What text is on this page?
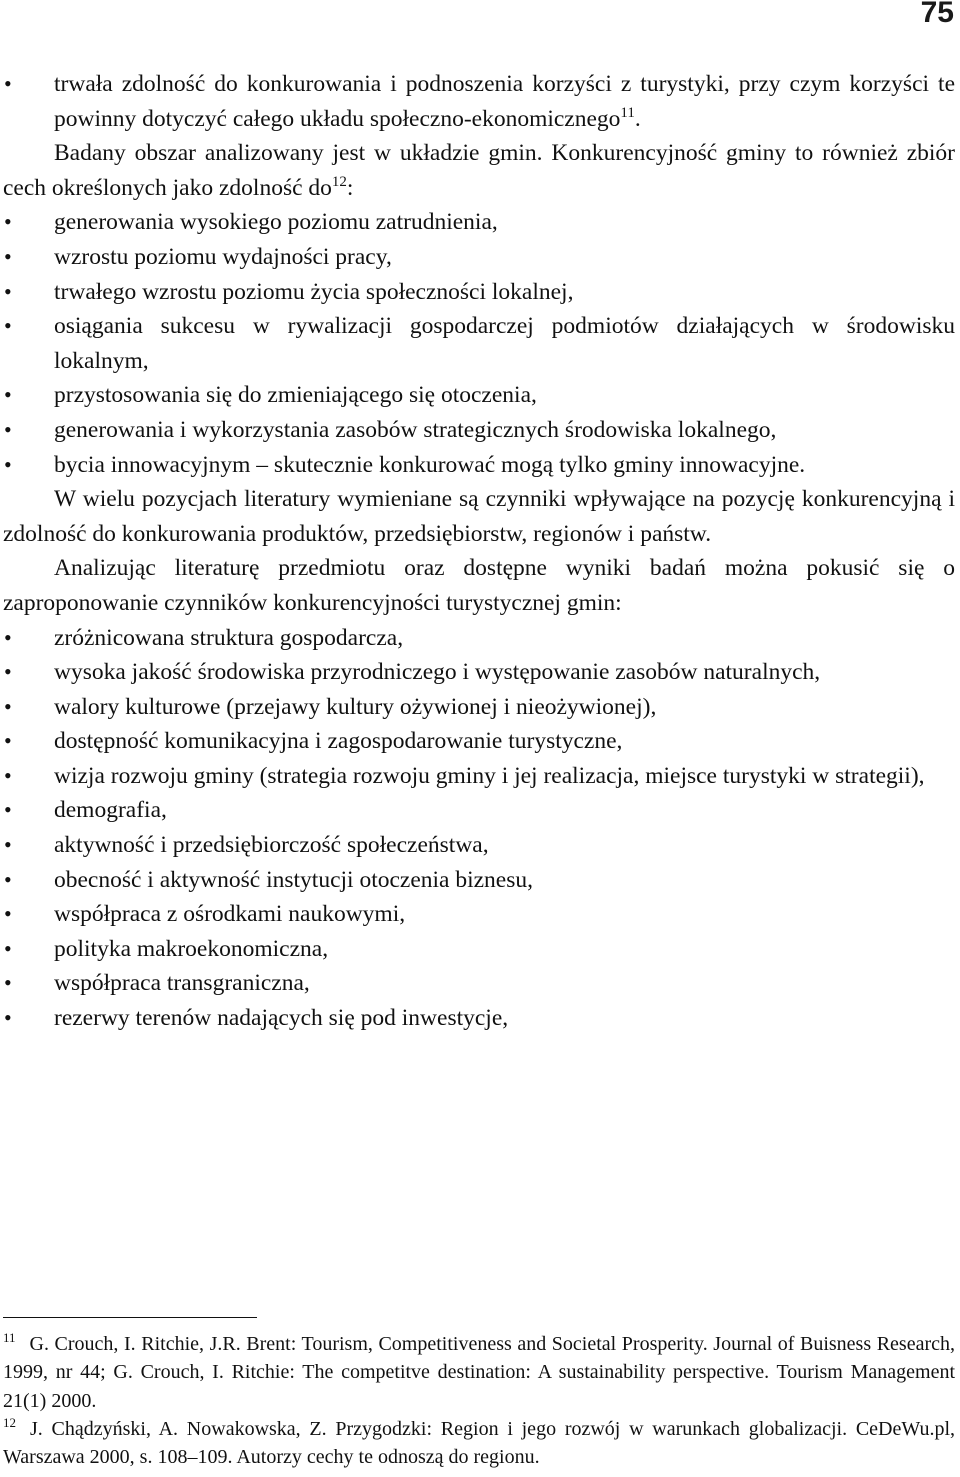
75
• trwała zdolność do konkurowania i podnoszenia korzyści z turystyki, przy czym korzyści te powinny dotyczyć całego układu społeczno-ekonomicznego$^{11}$.

Badany obszar analizowany jest w układzie gmin. Konkurencyjność gminy to również zbiór cech określonych jako zdolność $do^{12}$:

• generowania wysokiego poziomu zatrudnienia,
• wzrostu poziomu wydajności pracy,
• trwałego wzrostu poziomu życia społeczności lokalnej,
• osiągania sukcesu w rywalizacji gospodarczej podmiotów działających w środowisku lokalnym,
• przystosowania się do zmieniającego się otoczenia,
• generowania i wykorzystania zasobów strategicznych środowiska lokalnego,
• bycia innowacyjnym – skutecznie konkurować mogą tylko gminy innowacyjne.

W wielu pozycjach literatury wymieniane są czynniki wpływające na pozycję konkurencyjną i zdolność do konkurowania produktów, przedsiębiorstw, regionów i państw.

Analizując literaturę przedmiotu oraz dostępne wyniki badań można pokusić się o zaproponowanie czynników konkurencyjności turystycznej gmin:

• zróżnicowana struktura gospodarcza,
• wysoka jakość środowiska przyrodniczego i występowanie zasobów naturalnych,
• walory kulturowe (przejawy kultury ożywionej i nieożywionej),
• dostępność komunikacyjna i zagospodarowanie turystyczne,
• wizja rozwoju gminy (strategia rozwoju gminy i jej realizacja, miejsce turystyki w strategii),
• demografia,
• aktywność i przedsiębiorczość społeczeństwa,
• obecność i aktywność instytucji otoczenia biznesu,
• współpraca z ośrodkami naukowymi,
• polityka makroekonomiczna,
• współpraca transgraniczna,
• rezerwy terenów nadających się pod inwestycje,

$^{11}$ G. Crouch, I. Ritchie, J.R. Brent: Tourism, Competitiveness and Societal Prosperity. Journal of Buisness Research, 1999, nr 44; G. Crouch, I. Ritchie: The competitve destination: A sustainability perspective. Tourism Management 21(1) 2000.

$^{12}$ J. Chądzyński, A. Nowakowska, Z. Przygodzki: Region i jego rozwój w warunkach globalizacji. CeDeWu.pl, Warszawa 2000, s. 108–109. Autorzy cechy te odnoszą do regionu.
